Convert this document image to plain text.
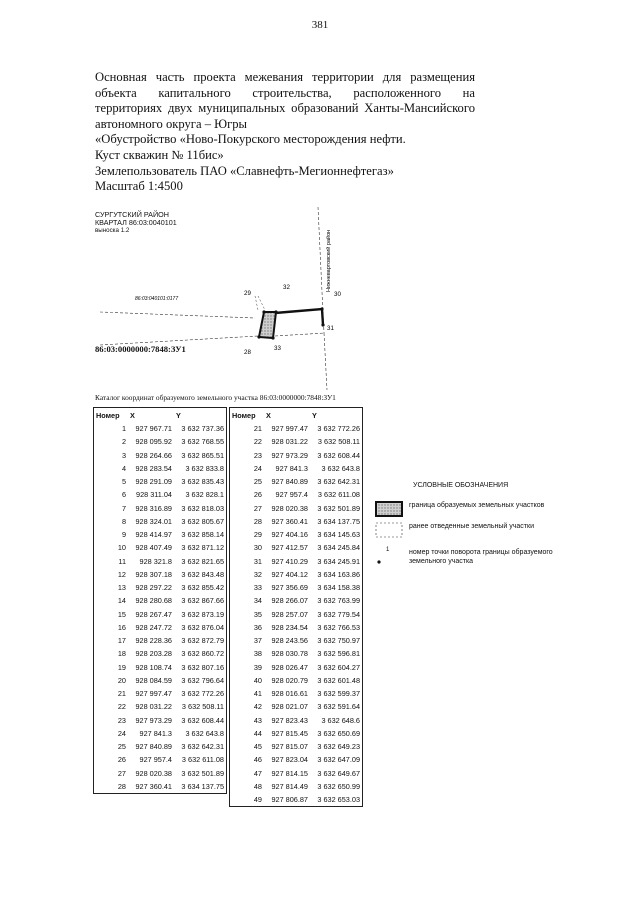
381
Основная часть проекта межевания территории для размещения
объекта капитального строительства, расположенного на
территориях двух муниципальных образований Ханты-Мансийского
автономного округа – Югры
«Обустройство «Ново-Покурского месторождения нефти.
Куст скважин № 11бис»
Землепользователь ПАО «Славнефть-Мегионнефтегаз»
Масштаб 1:4500
СУРГУТСКИЙ РАЙОН
КВАРТАЛ 86:03:0040101
выноска 1.2	Нижневартовский район
86:03:040101:0177
29
32
30
31
28
33
86:03:0000000:7848:ЗУ1
Каталог координат образуемого земельного участка 86:03:0000000:7848:ЗУ1
Номер	X	Y
1	927 967.71	3 632 737.36
2	928 095.92	3 632 768.55
3	928 264.66	3 632 865.51
4	928 283.54	3 632 833.8
5	928 291.09	3 632 835.43
6	928 311.04	3 632 828.1
7	928 316.89	3 632 818.03
8	928 324.01	3 632 805.67
9	928 414.97	3 632 858.14
10	928 407.49	3 632 871.12
11	928 321.8	3 632 821.65
12	928 307.18	3 632 843.48
13	928 297.22	3 632 855.42
14	928 280.68	3 632 867.66
15	928 267.47	3 632 873.19
16	928 247.72	3 632 876.04
17	928 228.36	3 632 872.79
18	928 203.28	3 632 860.72
19	928 108.74	3 632 807.16
20	928 084.59	3 632 796.64
21	927 997.47	3 632 772.26
22	928 031.22	3 632 508.11
23	927 973.29	3 632 608.44
24	927 841.3	3 632 643.8
25	927 840.89	3 632 642.31
26	927 957.4	3 632 611.08
27	928 020.38	3 632 501.89
28	927 360.41	3 634 137.75
Номер	X	Y
21	927 997.47	3 632 772.26
22	928 031.22	3 632 508.11
23	927 973.29	3 632 608.44
24	927 841.3	3 632 643.8
25	927 840.89	3 632 642.31
26	927 957.4	3 632 611.08
27	928 020.38	3 632 501.89
28	927 360.41	3 634 137.75
29	927 404.16	3 634 145.63
30	927 412.57	3 634 245.84
31	927 410.29	3 634 245.91
32	927 404.12	3 634 163.86
33	927 356.69	3 634 158.38
34	928 266.07	3 632 763.99
35	928 257.07	3 632 779.54
36	928 234.54	3 632 766.53
37	928 243.56	3 632 750.97
38	928 030.78	3 632 596.81
39	928 026.47	3 632 604.27
40	928 020.79	3 632 601.48
41	928 016.61	3 632 599.37
42	928 021.07	3 632 591.64
43	927 823.43	3 632 648.6
44	927 815.45	3 632 650.69
45	927 815.07	3 632 649.23
46	927 823.04	3 632 647.09
47	927 814.15	3 632 649.67
48	927 814.49	3 632 650.99
49	927 806.87	3 632 653.03
УСЛОВНЫЕ ОБОЗНАЧЕНИЯ
граница образуемых земельных участков
ранее отведенные земельный участки
1	номер точки поворота границы образуемого земельного участка
